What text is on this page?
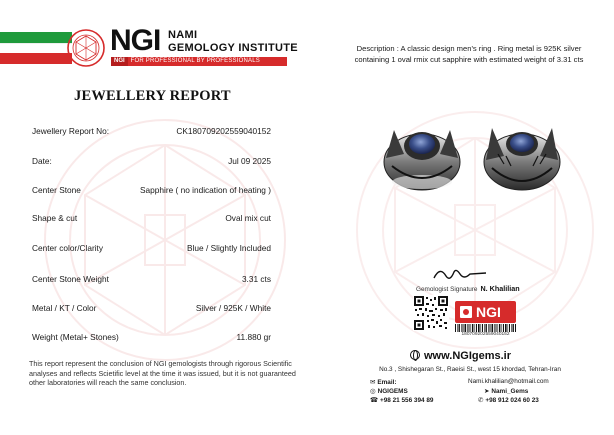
NGI NAMI
GEMOLOGY INSTITUTE
NGI FOR PROFESSIONAL BY PROFESSIONALS
JEWELLERY REPORT
Jewellery Report No:	CK180709202559040152
Date:	Jul 09 2025
Center Stone	Sapphire ( no indication of heating )
Shape & cut	Oval mix cut
Center color/Clarity	Blue / Slightly Included
Center Stone Weight	3.31 cts
Metal / KT / Color	Silver / 925K / White
Weight (Metal+ Stones)	11.880 gr
This report represent the conclusion of NGI gemologists through rigorous Scientific analyses and reflects Scietific level at the time it was issued, but it is not guaranteed other laboratories will reach the same conclusion.
Description : A classic design men's ring . Ring metal is 925K silver containing 1 oval rmix cut sapphire with estimated weight of 3.31 cts
Gemologist Signature N. Khalilian
NGI
180709202559040152
www.NGIgems.ir
No.3 , Shishegaran St., Raeisi St., west 15 khordad, Tehran-Iran
✉ Email:	Nami.khalilian@hotmail.com
◎ NGIGEMS	➤ Nami_Gems
☎ +98 21 556 394 89	✆ +98 912 024 60 23
